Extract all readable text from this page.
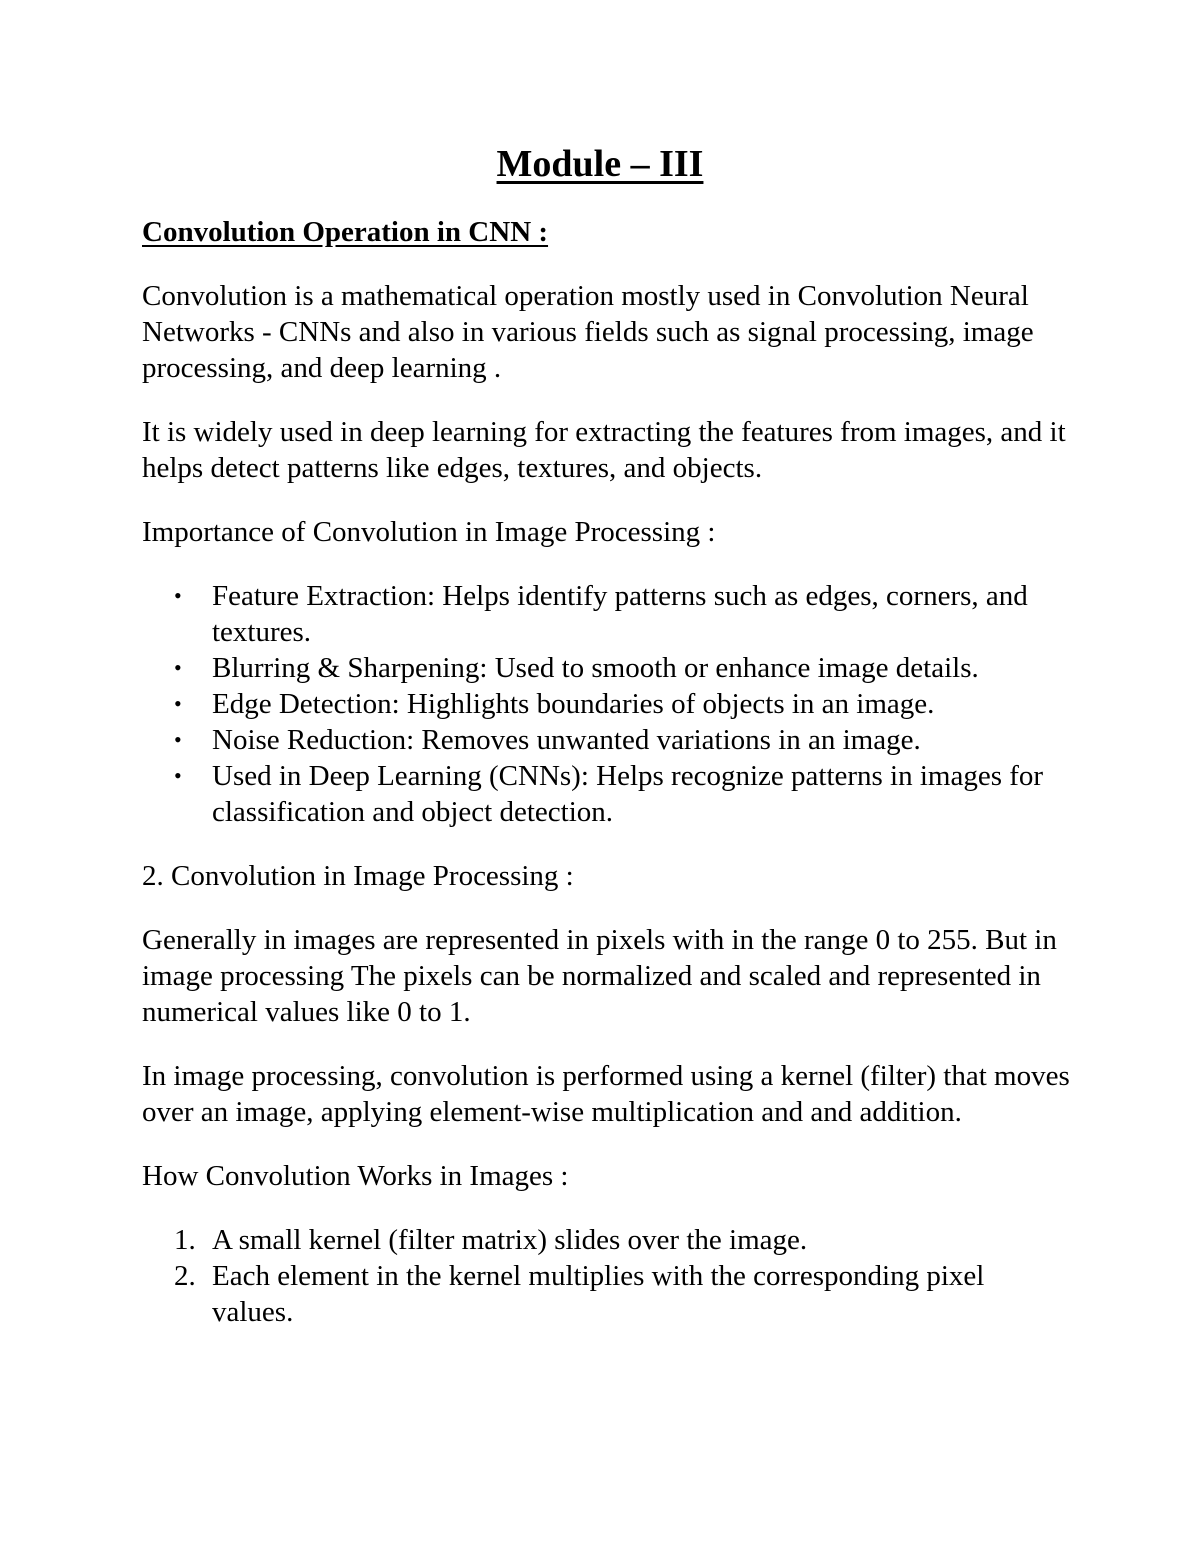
Module – III
Convolution Operation in CNN :

Convolution is a mathematical operation mostly used in Convolution Neural Networks - CNNs and also in various fields such as signal processing, image processing, and deep learning .

It is widely used in deep learning for extracting the features from images, and it helps detect patterns like edges, textures, and objects.

Importance of Convolution in Image Processing :

• Feature Extraction: Helps identify patterns such as edges, corners, and textures.
• Blurring & Sharpening: Used to smooth or enhance image details.
• Edge Detection: Highlights boundaries of objects in an image.
• Noise Reduction: Removes unwanted variations in an image.
• Used in Deep Learning (CNNs): Helps recognize patterns in images for classification and object detection.

2. Convolution in Image Processing :

Generally in images are represented in pixels with in the range 0 to 255. But in image processing The pixels can be normalized and scaled and represented in numerical values like 0 to 1.

In image processing, convolution is performed using a kernel (filter) that moves over an image, applying element-wise multiplication and and addition.

How Convolution Works in Images :

1. A small kernel (filter matrix) slides over the image.
2. Each element in the kernel multiplies with the corresponding pixel values.
